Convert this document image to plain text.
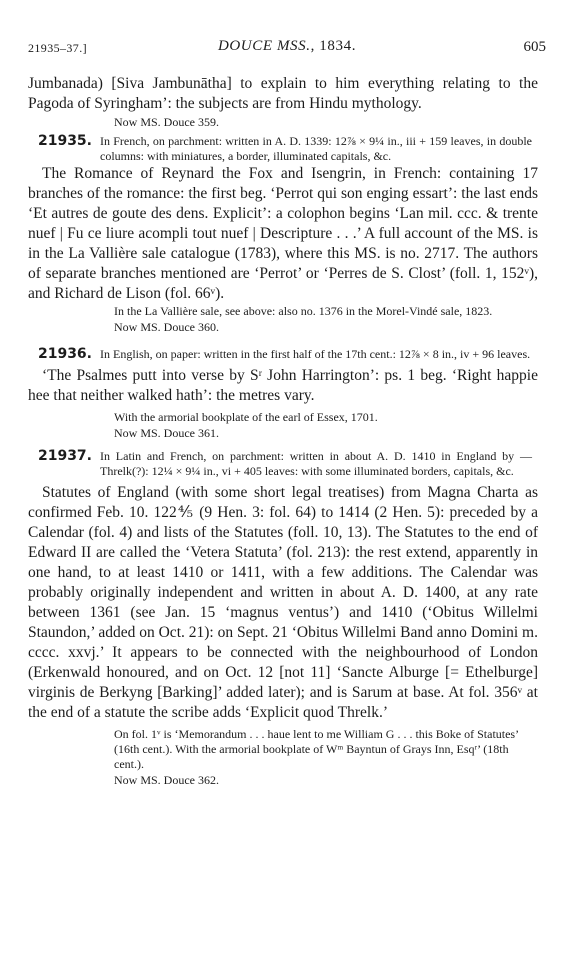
21935–37.]	DOUCE MSS., 1834.	605

Jumbanada) [Siva Jambunātha] to explain to him everything relating to the Pagoda of Syringham’: the subjects are from Hindu mythology.

Now MS. Douce 359.

21935. In French, on parchment: written in A. D. 1339: 12⅞ × 9¼ in., iii + 159 leaves, in double columns: with miniatures, a border, illuminated capitals, &c.

The Romance of Reynard the Fox and Isengrin, in French: containing 17 branches of the romance: the first beg. ‘Perrot qui son enging essart’: the last ends ‘Et autres de goute des dens. Explicit’: a colophon begins ‘Lan mil. ccc. & trente nuef | Fu ce liure acompli tout nuef | Descripture . . .’ A full account of the MS. is in the La Vallière sale catalogue (1783), where this MS. is no. 2717. The authors of separate branches mentioned are ‘Perrot’ or ‘Perres de S. Clost’ (foll. 1, 152ᵛ), and Richard de Lison (fol. 66ᵛ).

In the La Vallière sale, see above: also no. 1376 in the Morel-Vindé sale, 1823.

Now MS. Douce 360.

21936. In English, on paper: written in the first half of the 17th cent.: 12⅞ × 8 in., iv + 96 leaves.

‘The Psalmes putt into verse by Sʳ John Harrington’: ps. 1 beg. ‘Right happie hee that neither walked hath’: the metres vary.

With the armorial bookplate of the earl of Essex, 1701.

Now MS. Douce 361.

21937. In Latin and French, on parchment: written in about A. D. 1410 in England by — Threlk(?): 12¼ × 9¼ in., vi + 405 leaves: with some illuminated borders, capitals, &c.

Statutes of England (with some short legal treatises) from Magna Charta as confirmed Feb. 10. 122⅘ (9 Hen. 3: fol. 64) to 1414 (2 Hen. 5): preceded by a Calendar (fol. 4) and lists of the Statutes (foll. 10, 13). The Statutes to the end of Edward II are called the ‘Vetera Statuta’ (fol. 213): the rest extend, apparently in one hand, to at least 1410 or 1411, with a few additions. The Calendar was probably originally independent and written in about A. D. 1400, at any rate between 1361 (see Jan. 15 ‘magnus ventus’) and 1410 (‘Obitus Willelmi Staundon,’ added on Oct. 21): on Sept. 21 ‘Obitus Willelmi Band anno Domini m. cccc. xxvj.’ It appears to be connected with the neighbourhood of London (Erkenwald honoured, and on Oct. 12 [not 11] ‘Sancte Alburge [= Ethelburge] virginis de Berkyng [Barking]’ added later); and is Sarum at base. At fol. 356ᵛ at the end of a statute the scribe adds ‘Explicit quod Threlk.’

On fol. 1ᵛ is ‘Memorandum . . . haue lent to me William G . . . this Boke of Statutes’ (16th cent.). With the armorial bookplate of Wᵐ Bayntun of Grays Inn, Esqʳ’ (18th cent.).

Now MS. Douce 362.
